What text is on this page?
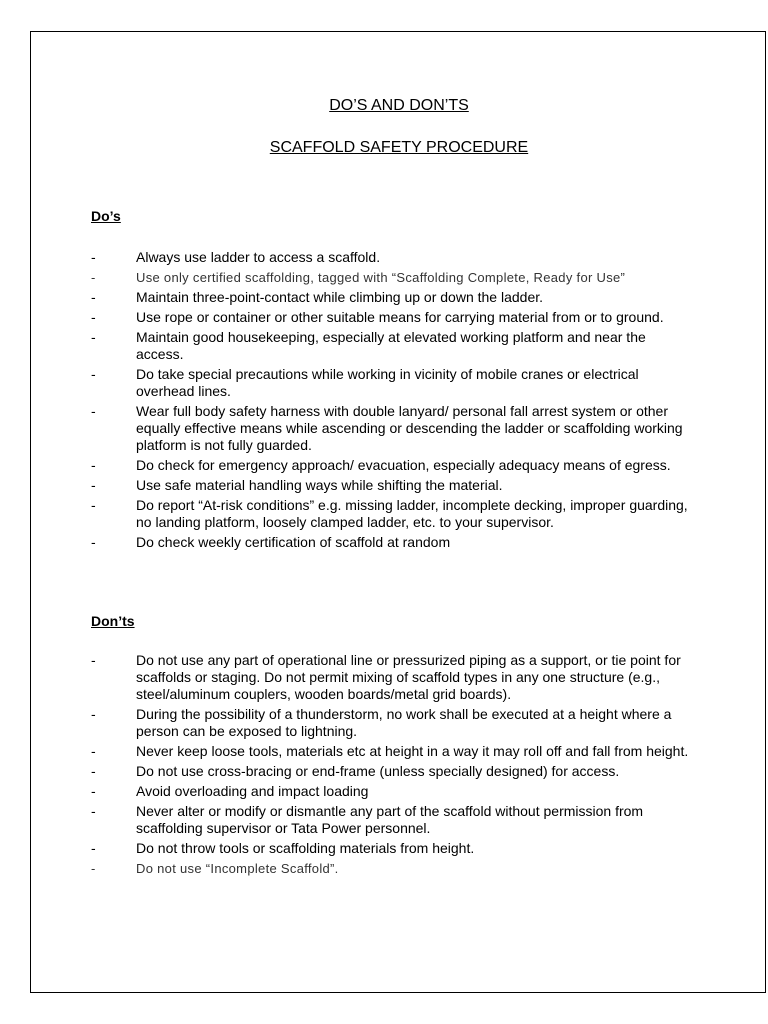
DO’S AND DON’TS
SCAFFOLD SAFETY PROCEDURE
Do’s
-	Always use ladder to access a scaffold.
-	Use only certified scaffolding, tagged with “Scaffolding Complete, Ready for Use”
-	Maintain three-point-contact while climbing up or down the ladder.
-	Use rope or container or other suitable means for carrying material from or to ground.
-	Maintain good housekeeping, especially at elevated working platform and near the access.
-	Do take special precautions while working in vicinity of mobile cranes or electrical overhead lines.
-	Wear full body safety harness with double lanyard/ personal fall arrest system or other equally effective means while ascending or descending the ladder or scaffolding working platform is not fully guarded.
-	Do check for emergency approach/ evacuation, especially adequacy means of egress.
-	Use safe material handling ways while shifting the material.
-	Do report “At-risk conditions” e.g. missing ladder, incomplete decking, improper guarding, no landing platform, loosely clamped ladder, etc. to your supervisor.
-	Do check weekly certification of scaffold at random
Don’ts
-	Do not use any part of operational line or pressurized piping as a support, or tie point for scaffolds or staging. Do not permit mixing of scaffold types in any one structure (e.g., steel/aluminum couplers, wooden boards/metal grid boards).
-	During the possibility of a thunderstorm, no work shall be executed at a height where a person can be exposed to lightning.
-	Never keep loose tools, materials etc at height in a way it may roll off and fall from height.
-	Do not use cross-bracing or end-frame (unless specially designed) for access.
-	Avoid overloading and impact loading
-	Never alter or modify or dismantle any part of the scaffold without permission from scaffolding supervisor or Tata Power personnel.
-	Do not throw tools or scaffolding materials from height.
-	Do not use “Incomplete Scaffold”.
